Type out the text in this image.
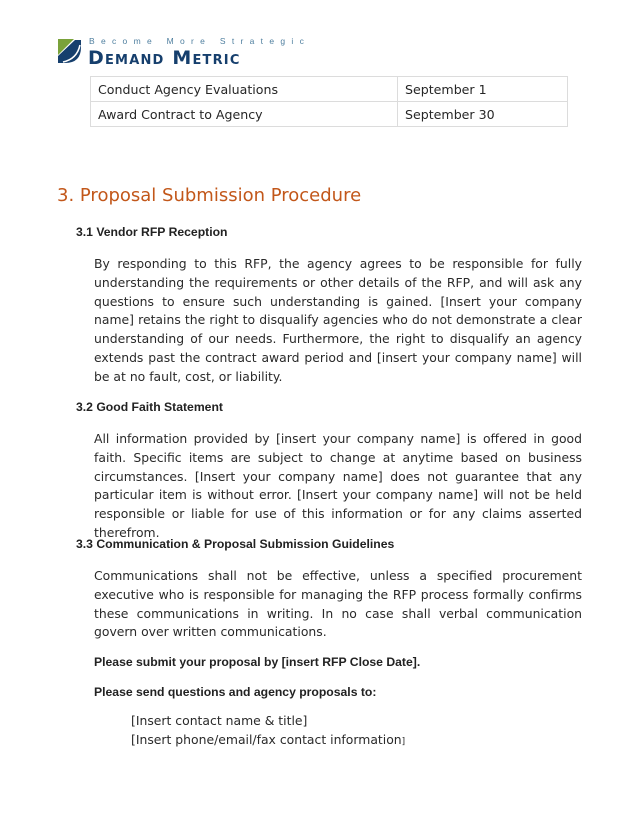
Become More Strategic
Demand Metric
Conduct Agency Evaluations	September 1
Award Contract to Agency	September 30
3. Proposal Submission Procedure
3.1 Vendor RFP Reception

By responding to this RFP, the agency agrees to be responsible for fully understanding the requirements or other details of the RFP, and will ask any questions to ensure such understanding is gained. [Insert your company name] retains the right to disqualify agencies who do not demonstrate a clear understanding of our needs. Furthermore, the right to disqualify an agency extends past the contract award period and [insert your company name] will be at no fault, cost, or liability.

3.2 Good Faith Statement

All information provided by [insert your company name] is offered in good faith. Specific items are subject to change at anytime based on business circumstances. [Insert your company name] does not guarantee that any particular item is without error. [Insert your company name] will not be held responsible or liable for use of this information or for any claims asserted therefrom.

3.3 Communication & Proposal Submission Guidelines

Communications shall not be effective, unless a specified procurement executive who is responsible for managing the RFP process formally confirms these communications in writing. In no case shall verbal communication govern over written communications.

Please submit your proposal by [insert RFP Close Date].

Please send questions and agency proposals to:

[Insert contact name & title]

[Insert phone/email/fax contact information]
